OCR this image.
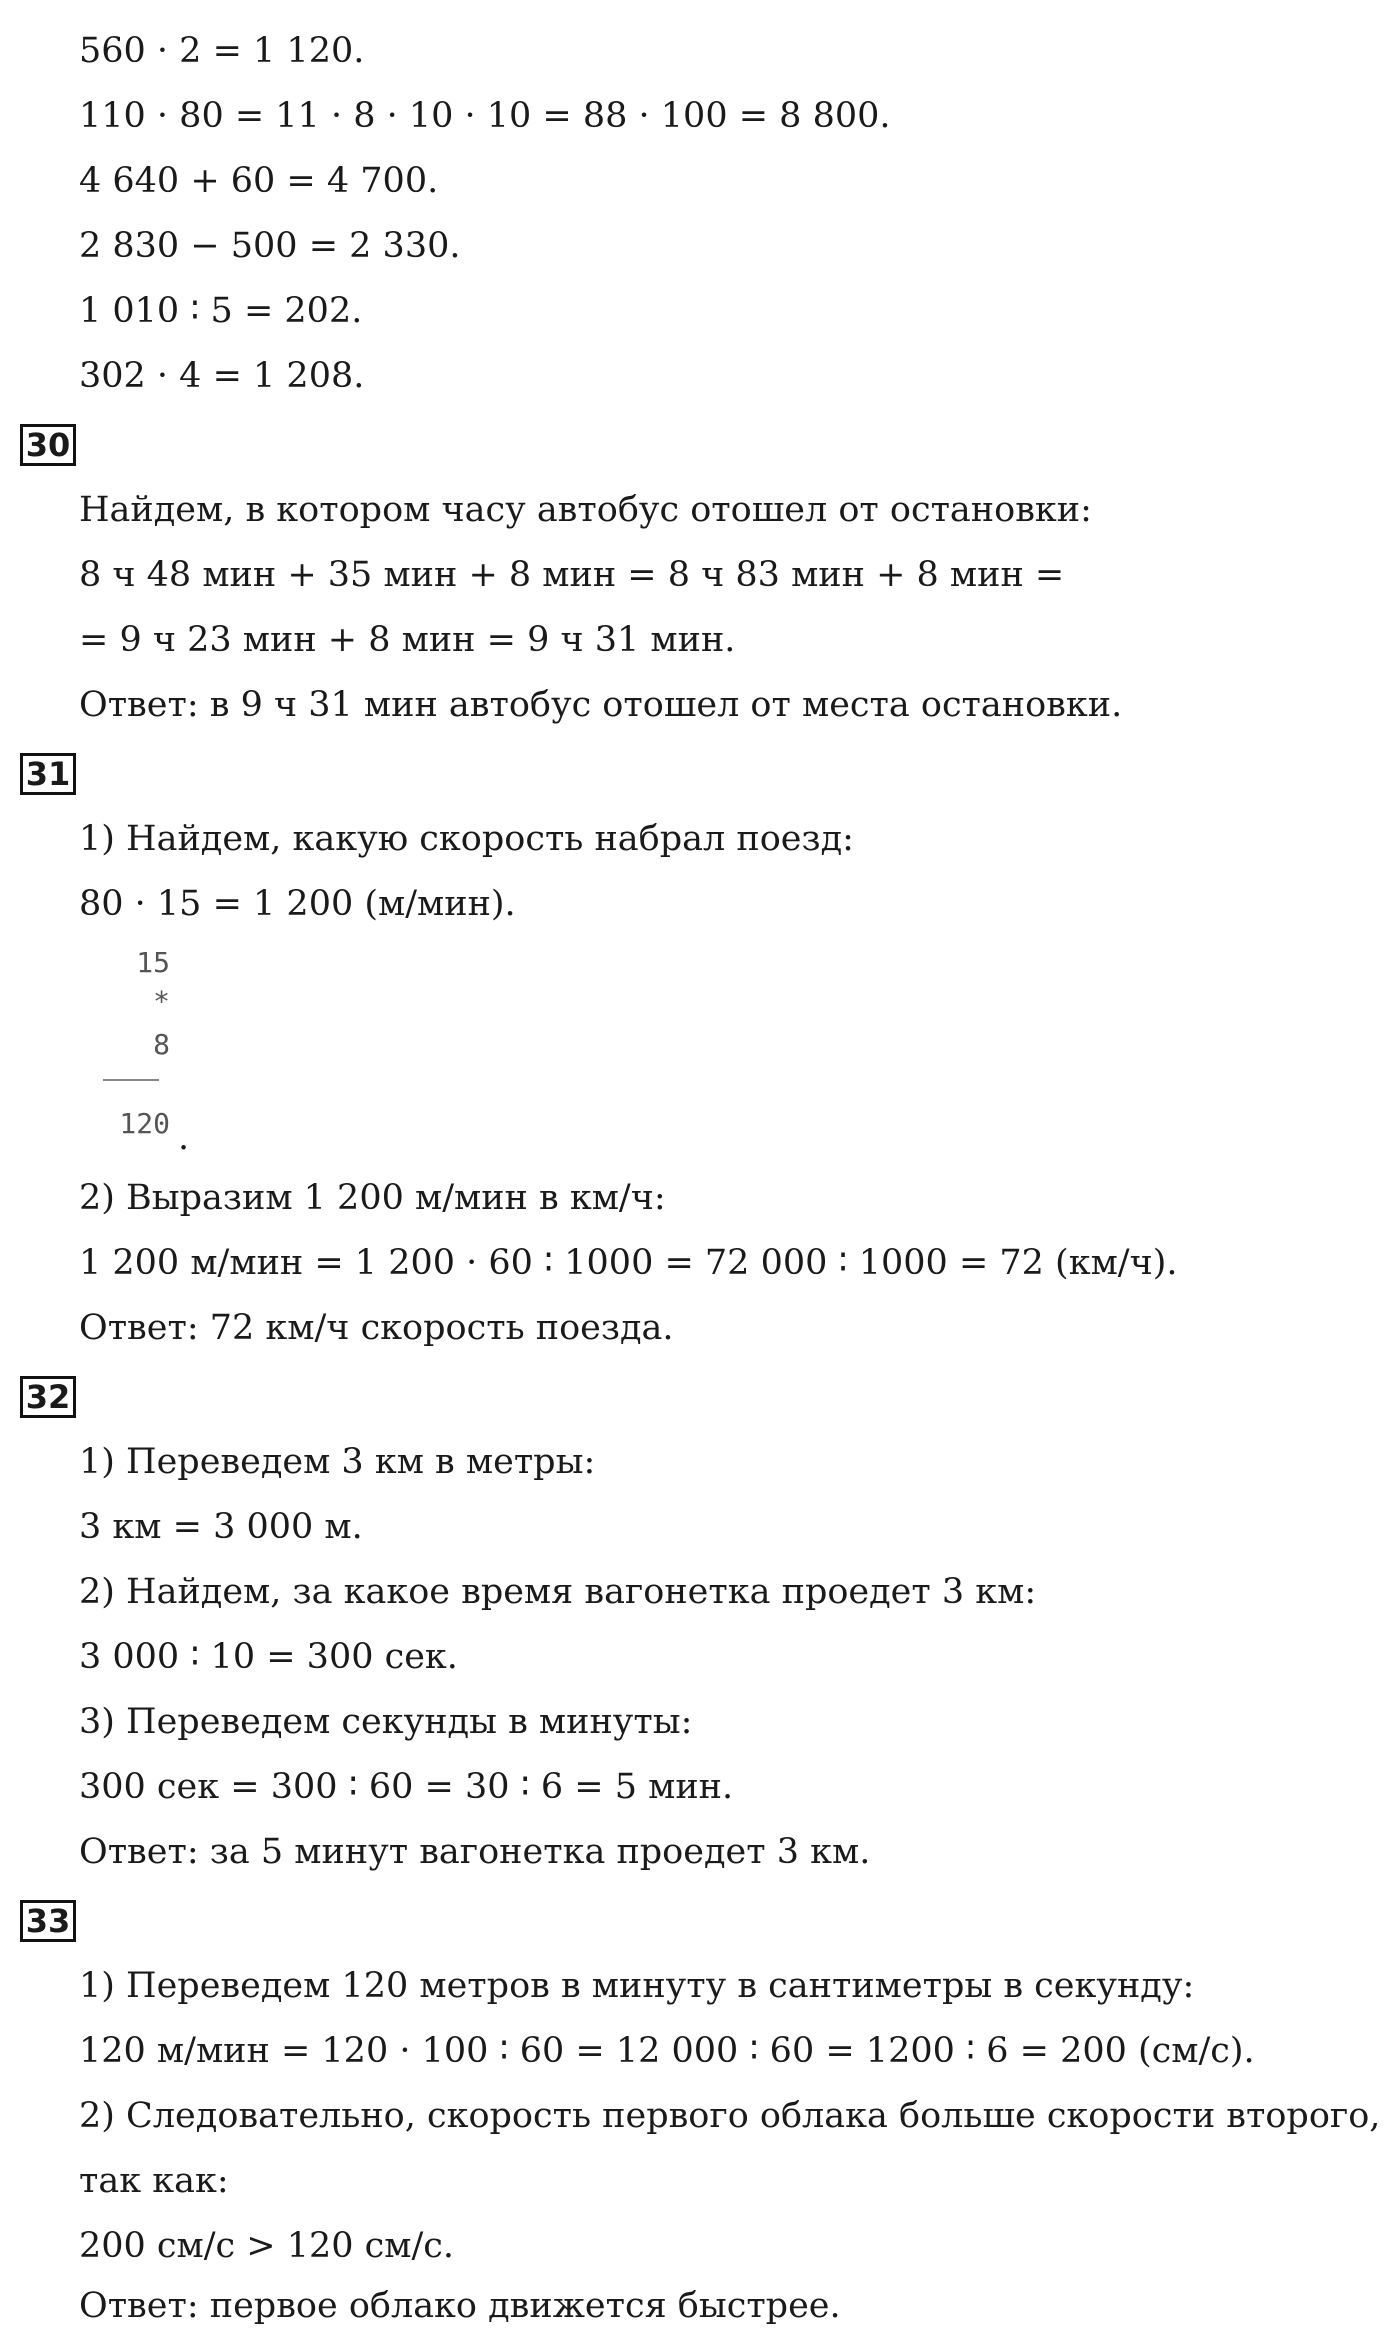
560 · 2 = 1 120.
110 · 80 = 11 · 8 · 10 · 10 = 88 · 100 = 8 800.
4 640 + 60 = 4 700.
2 830 − 500 = 2 330.
1 010 ∶ 5 = 202.
302 · 4 = 1 208.
30
Найдем, в котором часу автобус отошел от остановки:
8 ч 48 мин + 35 мин + 8 мин = 8 ч 83 мин + 8 мин =
= 9 ч 23 мин + 8 мин = 9 ч 31 мин.
Ответ: в 9 ч 31 мин автобус отошел от места остановки.
31
1) Найдем, какую скорость набрал поезд:
80 · 15 = 1 200 (м/мин).
15
*
8
120 .
2) Выразим 1 200 м/мин в км/ч:
1 200 м/мин = 1 200 · 60 ∶ 1000 = 72 000 ∶ 1000 = 72 (км/ч).
Ответ: 72 км/ч скорость поезда.
32
1) Переведем 3 км в метры:
3 км = 3 000 м.
2) Найдем, за какое время вагонетка проедет 3 км:
3 000 ∶ 10 = 300 сек.
3) Переведем секунды в минуты:
300 сек = 300 ∶ 60 = 30 ∶ 6 = 5 мин.
Ответ: за 5 минут вагонетка проедет 3 км.
33
1) Переведем 120 метров в минуту в сантиметры в секунду:
120 м/мин = 120 · 100 ∶ 60 = 12 000 ∶ 60 = 1200 ∶ 6 = 200 (см/с).
2) Следовательно, скорость первого облака больше скорости второго,
так как:
200 см/с > 120 см/с.
Ответ: первое облако движется быстрее.
